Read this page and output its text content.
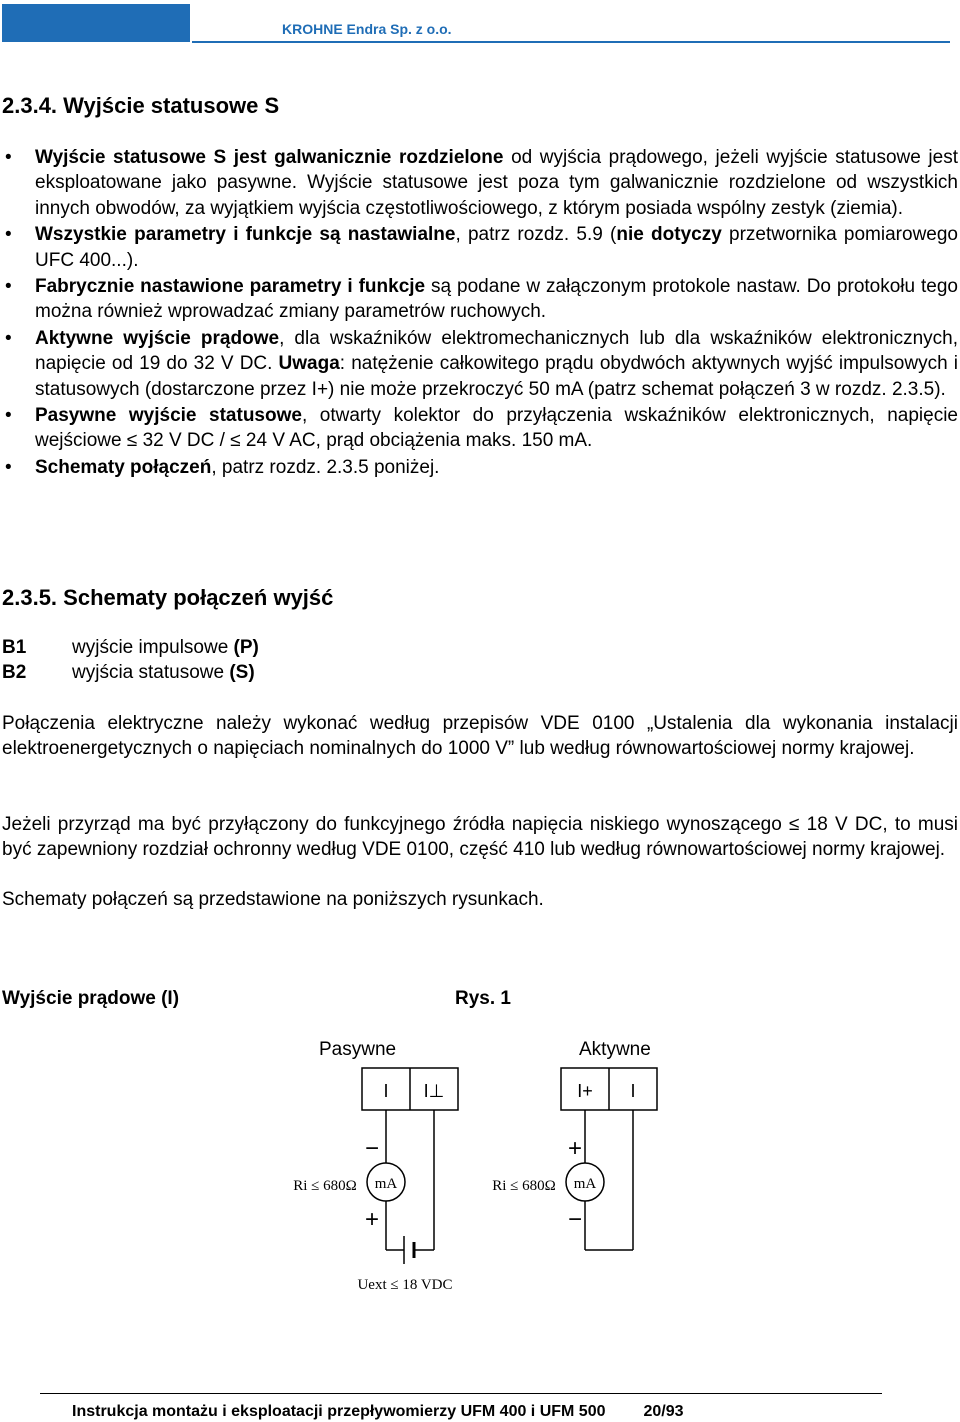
KROHNE Endra Sp. z o.o.
2.3.4. Wyjście statusowe S
• Wyjście statusowe S jest galwanicznie rozdzielone od wyjścia prądowego, jeżeli wyjście statusowe jest eksploatowane jako pasywne. Wyjście statusowe jest poza tym galwanicznie rozdzielone od wszystkich innych obwodów, za wyjątkiem wyjścia częstotliwościowego, z którym posiada wspólny zestyk (ziemia).
• Wszystkie parametry i funkcje są nastawialne, patrz rozdz. 5.9 (nie dotyczy przetwornika pomiarowego UFC 400...).
• Fabrycznie nastawione parametry i funkcje są podane w załączonym protokole nastaw. Do protokołu tego można również wprowadzać zmiany parametrów ruchowych.
• Aktywne wyjście prądowe, dla wskaźników elektromechanicznych lub dla wskaźników elektronicznych, napięcie od 19 do 32 V DC. Uwaga: natężenie całkowitego prądu obydwóch aktywnych wyjść impulsowych i statusowych (dostarczone przez I+) nie może przekroczyć 50 mA (patrz schemat połączeń 3 w rozdz. 2.3.5).
• Pasywne wyjście statusowe, otwarty kolektor do przyłączenia wskaźników elektronicznych, napięcie wejściowe ≤ 32 V DC / ≤ 24 V AC, prąd obciążenia maks. 150 mA.
• Schematy połączeń, patrz rozdz. 2.3.5 poniżej.
2.3.5. Schematy połączeń wyjść
B1 wyjście impulsowe (P)
B2 wyjścia statusowe (S)

Połączenia elektryczne należy wykonać według przepisów VDE 0100 „Ustalenia dla wykonania instalacji elektroenergetycznych o napięciach nominalnych do 1000 V” lub według równowartościowej normy krajowej.

Jeżeli przyrząd ma być przyłączony do funkcyjnego źródła napięcia niskiego wynoszącego ≤ 18 V DC, to musi być zapewniony rozdział ochronny według VDE 0100, część 410 lub według równowartościowej normy krajowej.

Schematy połączeń są przedstawione na poniższych rysunkach.

Wyjście prądowe (I)	Rys. 1
Pasywne	Aktywne
I I⊥	I+ I
−
+
+
−
mA	mA
Ri ≤ 680Ω	Ri ≤ 680Ω
Uext ≤ 18 VDC
Instrukcja montażu i eksploatacji przepływomierzy UFM 400 i UFM 500 20/93
